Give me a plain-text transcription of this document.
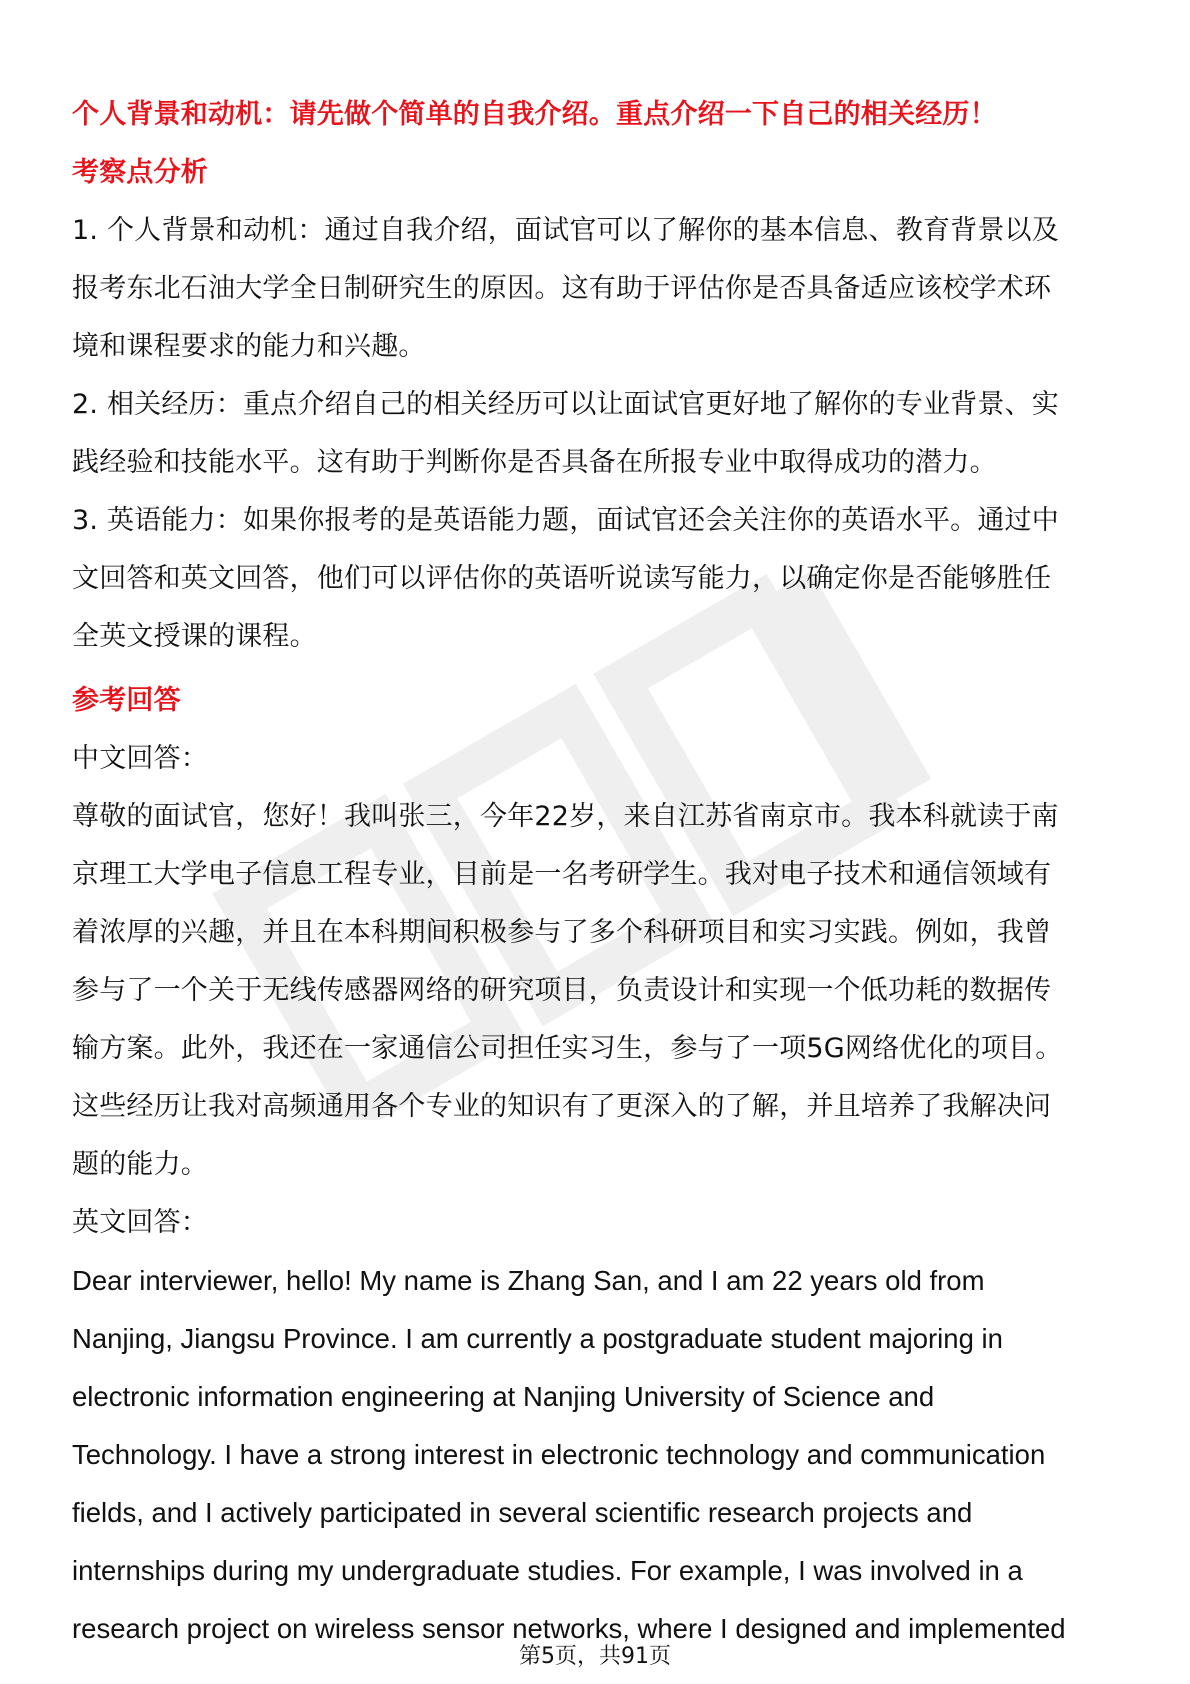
个人背景和动机：请先做个简单的自我介绍。重点介绍一下自己的相关经历！
考察点分析
1. 个人背景和动机：通过自我介绍，面试官可以了解你的基本信息、教育背景以及
报考东北石油大学全日制研究生的原因。这有助于评估你是否具备适应该校学术环
境和课程要求的能力和兴趣。
2. 相关经历：重点介绍自己的相关经历可以让面试官更好地了解你的专业背景、实
践经验和技能水平。这有助于判断你是否具备在所报专业中取得成功的潜力。
3. 英语能力：如果你报考的是英语能力题，面试官还会关注你的英语水平。通过中
文回答和英文回答，他们可以评估你的英语听说读写能力，以确定你是否能够胜任
全英文授课的课程。
参考回答
中文回答：
尊敬的面试官，您好！我叫张三，今年22岁，来自江苏省南京市。我本科就读于南
京理工大学电子信息工程专业，目前是一名考研学生。我对电子技术和通信领域有
着浓厚的兴趣，并且在本科期间积极参与了多个科研项目和实习实践。例如，我曾
参与了一个关于无线传感器网络的研究项目，负责设计和实现一个低功耗的数据传
输方案。此外，我还在一家通信公司担任实习生，参与了一项5G网络优化的项目。
这些经历让我对高频通用各个专业的知识有了更深入的了解，并且培养了我解决问
题的能力。
英文回答：
Dear interviewer, hello! My name is Zhang San, and I am 22 years old from
Nanjing, Jiangsu Province. I am currently a postgraduate student majoring in
electronic information engineering at Nanjing University of Science and
Technology. I have a strong interest in electronic technology and communication
fields, and I actively participated in several scientific research projects and
internships during my undergraduate studies. For example, I was involved in a
research project on wireless sensor networks, where I designed and implemented
第5页，共91页
